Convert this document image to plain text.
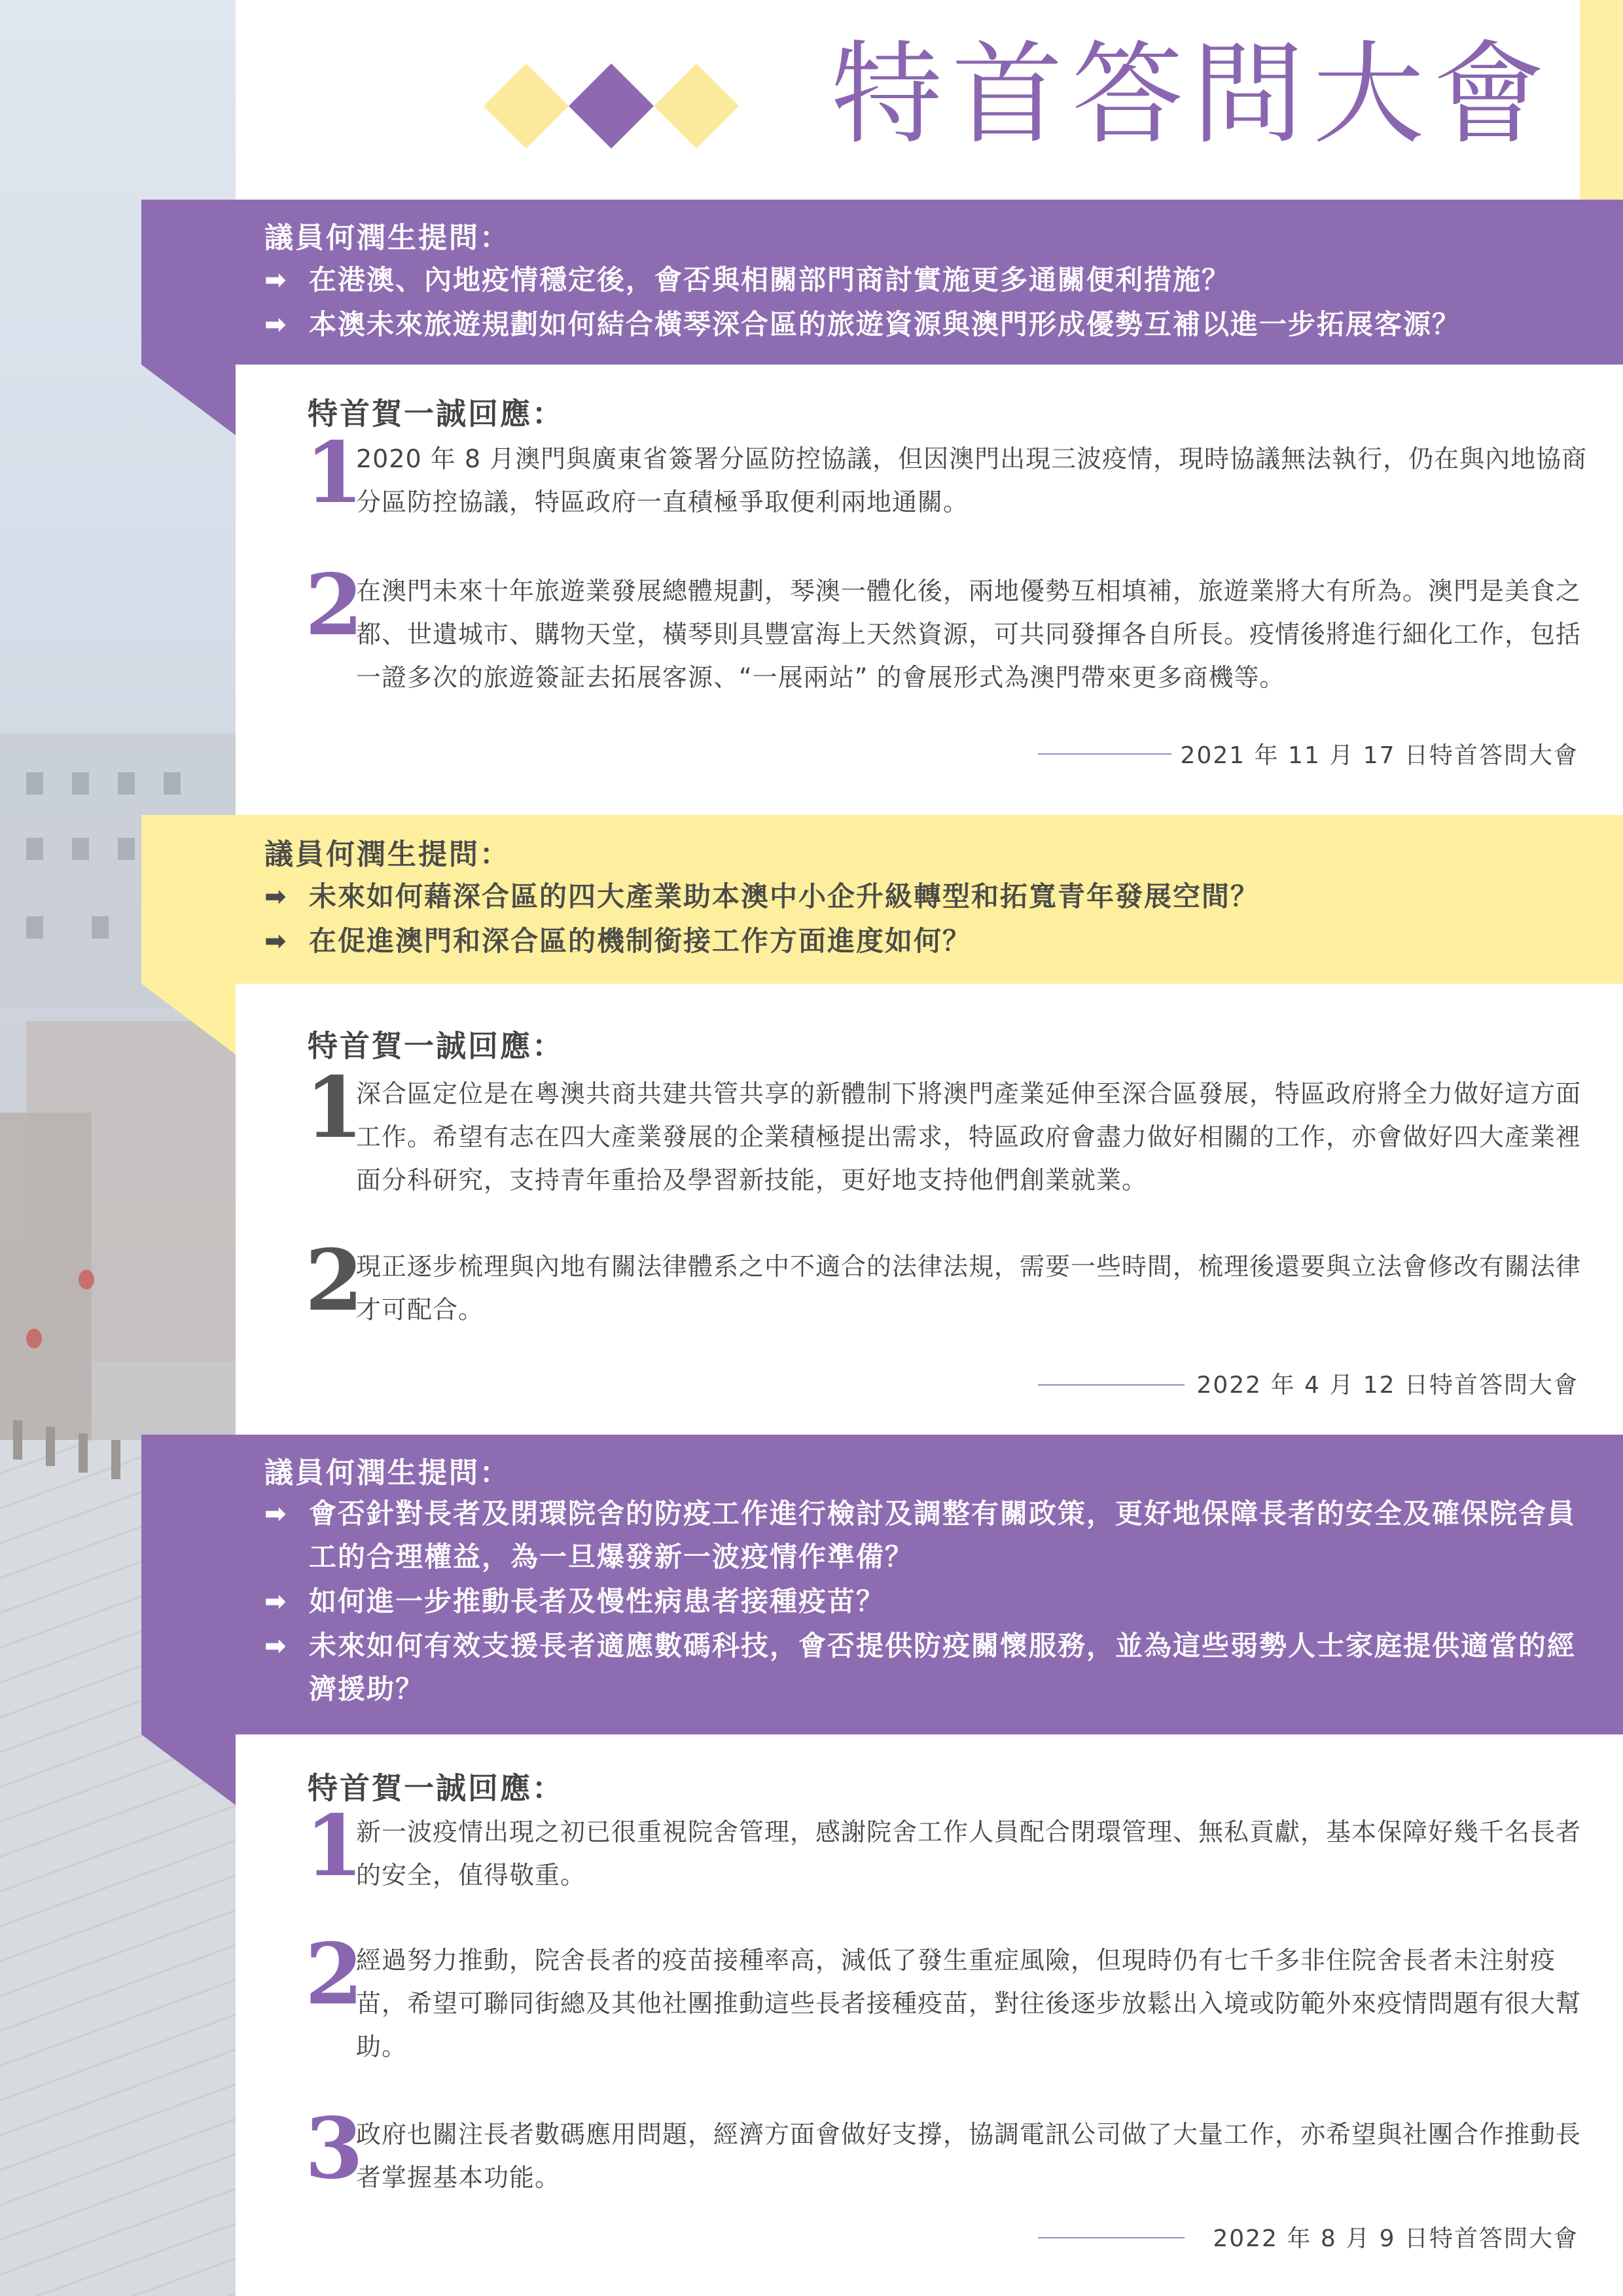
特首答問大會
議員何潤生提問：
➡ 在港澳、內地疫情穩定後，會否與相關部門商討實施更多通關便利措施？
➡ 本澳未來旅遊規劃如何結合橫琴深合區的旅遊資源與澳門形成優勢互補以進一步拓展客源？
特首賀一誠回應：
1
2020 年 8 月澳門與廣東省簽署分區防控協議，但因澳門出現三波疫情，現時協議無法執行，仍在與內地協商分區防控協議，特區政府一直積極爭取便利兩地通關。
2
在澳門未來十年旅遊業發展總體規劃，琴澳一體化後，兩地優勢互相填補，旅遊業將大有所為。澳門是美食之都、世遺城市、購物天堂，橫琴則具豐富海上天然資源，可共同發揮各自所長。疫情後將進行細化工作，包括一證多次的旅遊簽証去拓展客源、“一展兩站” 的會展形式為澳門帶來更多商機等。
2021 年 11 月 17 日特首答問大會
議員何潤生提問：
➡ 未來如何藉深合區的四大產業助本澳中小企升級轉型和拓寬青年發展空間？
➡ 在促進澳門和深合區的機制銜接工作方面進度如何？
特首賀一誠回應：
1
深合區定位是在粵澳共商共建共管共享的新體制下將澳門產業延伸至深合區發展，特區政府將全力做好這方面工作。希望有志在四大產業發展的企業積極提出需求，特區政府會盡力做好相關的工作，亦會做好四大產業裡面分科研究，支持青年重拾及學習新技能，更好地支持他們創業就業。
2
現正逐步梳理與內地有關法律體系之中不適合的法律法規，需要一些時間，梳理後還要與立法會修改有關法律才可配合。
2022 年 4 月 12 日特首答問大會
議員何潤生提問：
➡ 會否針對長者及閉環院舍的防疫工作進行檢討及調整有關政策，更好地保障長者的安全及確保院舍員工的合理權益，為一旦爆發新一波疫情作準備？
➡ 如何進一步推動長者及慢性病患者接種疫苗？
➡ 未來如何有效支援長者適應數碼科技，會否提供防疫關懷服務，並為這些弱勢人士家庭提供適當的經濟援助？
特首賀一誠回應：
1
新一波疫情出現之初已很重視院舍管理，感謝院舍工作人員配合閉環管理、無私貢獻，基本保障好幾千名長者的安全，值得敬重。
2
經過努力推動，院舍長者的疫苗接種率高，減低了發生重症風險，但現時仍有七千多非住院舍長者未注射疫苗，希望可聯同街總及其他社團推動這些長者接種疫苗，對往後逐步放鬆出入境或防範外來疫情問題有很大幫助。
3
政府也關注長者數碼應用問題，經濟方面會做好支撐，協調電訊公司做了大量工作，亦希望與社團合作推動長者掌握基本功能。
2022 年 8 月 9 日特首答問大會
